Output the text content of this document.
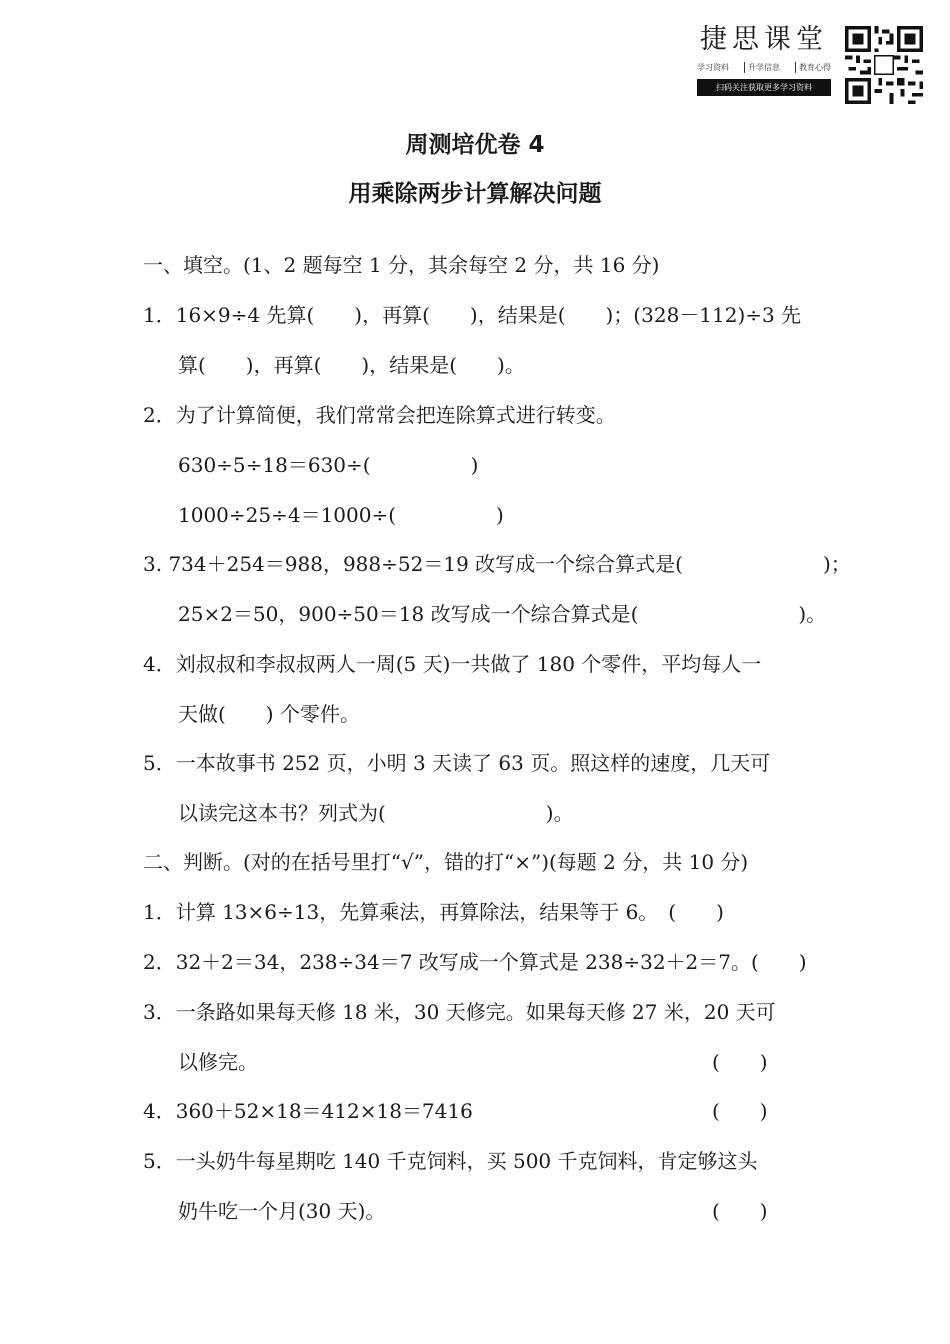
捷思课堂
学习资料	升学信息	教育心得
扫码关注获取更多学习资料
周测培优卷 4
用乘除两步计算解决问题
一、填空。(1、2 题每空 1 分，其余每空 2 分，共 16 分)
1．16×9÷4 先算(　　)，再算(　　)，结果是(　　)；(328－112)÷3 先
算(　　)，再算(　　)，结果是(　　)。
2．为了计算简便，我们常常会把连除算式进行转变。
630÷5÷18＝630÷(　　　　　)
1000÷25÷4＝1000÷(　　　　　)
3. 734＋254＝988，988÷52＝19 改写成一个综合算式是(　　　　　　　)；
25×2＝50，900÷50＝18 改写成一个综合算式是(　　　　　　　　)。
4．刘叔叔和李叔叔两人一周(5 天)一共做了 180 个零件，平均每人一
天做(　　) 个零件。
5．一本故事书 252 页，小明 3 天读了 63 页。照这样的速度，几天可
以读完这本书？列式为(　　　　　　　　)。
二、判断。(对的在括号里打“√”，错的打“×”)(每题 2 分，共 10 分)
1．计算 13×6÷13，先算乘法，再算除法，结果等于 6。　(　　)
2．32＋2＝34，238÷34＝7 改写成一个算式是 238÷32＋2＝7。(　　)
3．一条路如果每天修 18 米，30 天修完。如果每天修 27 米，20 天可
以修完。	(　　)
4．360＋52×18＝412×18＝7416	(　　)
5．一头奶牛每星期吃 140 千克饲料，买 500 千克饲料，肯定够这头
奶牛吃一个月(30 天)。	(　　)
